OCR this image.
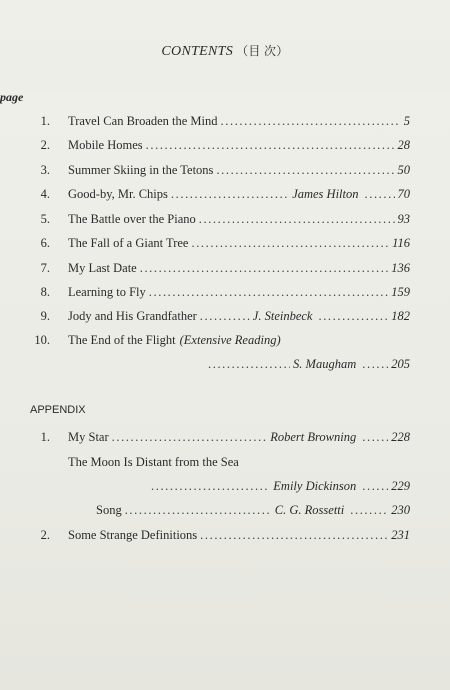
CONTENTS （目 次）
page
1. Travel Can Broaden the Mind .....	5
2. Mobile Homes .....	28
3. Summer Skiing in the Tetons .....	50
4. Good-by, Mr. Chips .....	James Hilton .....	70
5. The Battle over the Piano .....	93
6. The Fall of a Giant Tree .....	116
7. My Last Date .....	136
8. Learning to Fly .....	159
9. Jody and His Grandfather .....	J. Steinbeck .....	182
10. The End of the Flight (Extensive Reading)
.....
S. Maugham .....	205
APPENDIX
1. My Star .....	Robert Browning .....	228
The Moon Is Distant from the Sea
.....
Emily Dickinson .....	229
Song .....	C. G. Rossetti .....	230
2. Some Strange Definitions .....	231
